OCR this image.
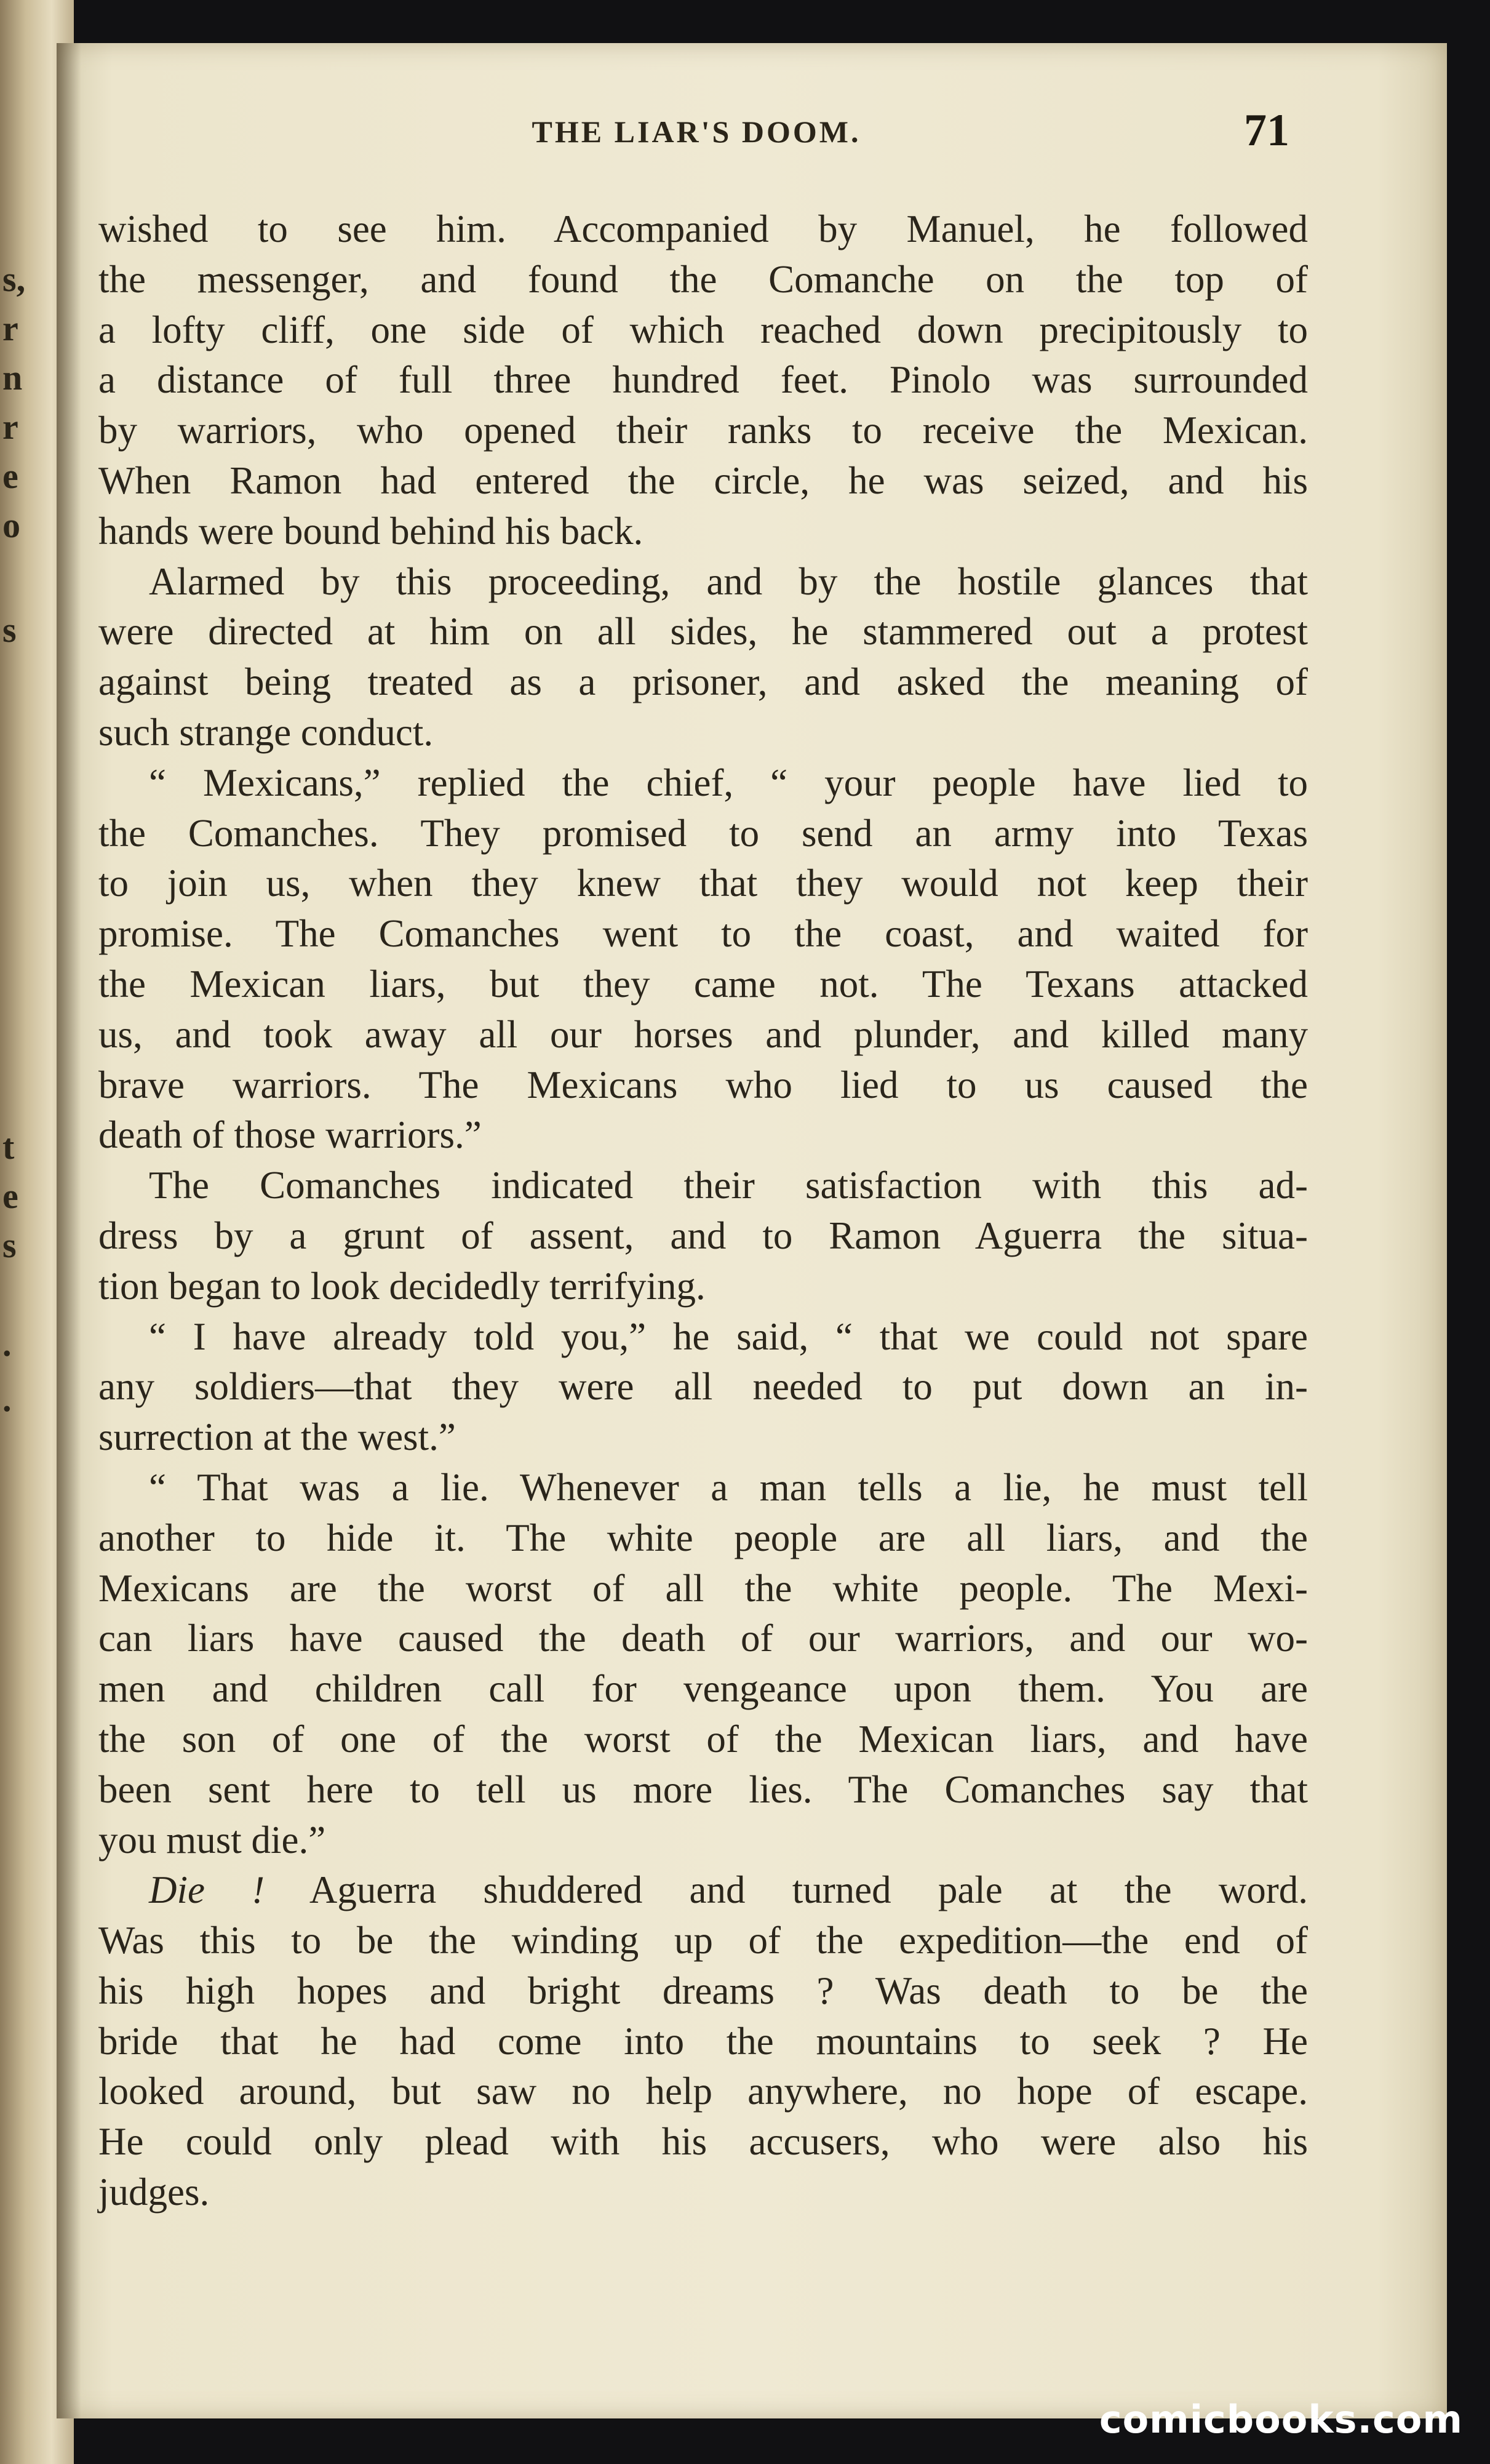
s,
r
n
r
e
o
s
t
e
s
.
.
THE LIAR'S DOOM.	71
wished to see him. Accompanied by Manuel, he followed
the messenger, and found the Comanche on the top of
a lofty cliff, one side of which reached down precipitously to
a distance of full three hundred feet. Pinolo was surrounded
by warriors, who opened their ranks to receive the Mexican.
When Ramon had entered the circle, he was seized, and his
hands were bound behind his back.
Alarmed by this proceeding, and by the hostile glances that
were directed at him on all sides, he stammered out a protest
against being treated as a prisoner, and asked the meaning of
such strange conduct.
“ Mexicans,” replied the chief, “ your people have lied to
the Comanches. They promised to send an army into Texas
to join us, when they knew that they would not keep their
promise. The Comanches went to the coast, and waited for
the Mexican liars, but they came not. The Texans attacked
us, and took away all our horses and plunder, and killed many
brave warriors. The Mexicans who lied to us caused the
death of those warriors.”
The Comanches indicated their satisfaction with this ad-
dress by a grunt of assent, and to Ramon Aguerra the situa-
tion began to look decidedly terrifying.
“ I have already told you,” he said, “ that we could not spare
any soldiers—that they were all needed to put down an in-
surrection at the west.”
“ That was a lie. Whenever a man tells a lie, he must tell
another to hide it. The white people are all liars, and the
Mexicans are the worst of all the white people. The Mexi-
can liars have caused the death of our warriors, and our wo-
men and children call for vengeance upon them. You are
the son of one of the worst of the Mexican liars, and have
been sent here to tell us more lies. The Comanches say that
you must die.”
Die ! Aguerra shuddered and turned pale at the word.
Was this to be the winding up of the expedition—the end of
his high hopes and bright dreams ? Was death to be the
bride that he had come into the mountains to seek ? He
looked around, but saw no help anywhere, no hope of escape.
He could only plead with his accusers, who were also his
judges.
comicbooks.com
